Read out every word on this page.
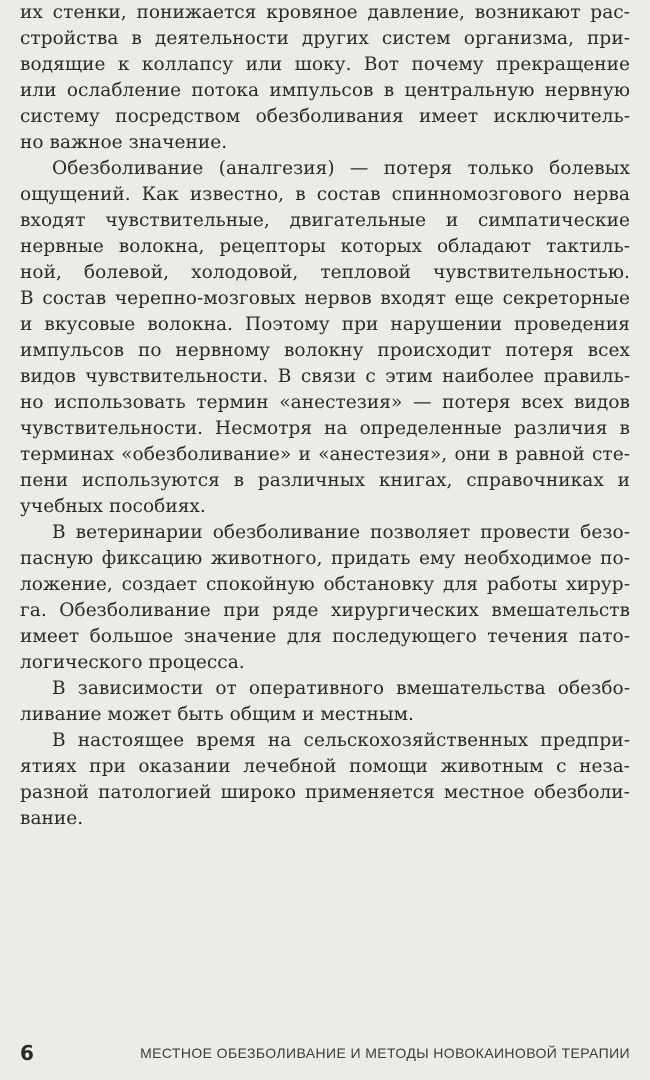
их стенки, понижается кровяное давление, возникают рас-
стройства в деятельности других систем организма, при-
водящие к коллапсу или шоку. Вот почему прекращение
или ослабление потока импульсов в центральную нервную
систему посредством обезболивания имеет исключитель-
но важное значение.
Обезболивание (аналгезия) — потеря только болевых
ощущений. Как известно, в состав спинномозгового нерва
входят чувствительные, двигательные и симпатические
нервные волокна, рецепторы которых обладают тактиль-
ной, болевой, холодовой, тепловой чувствительностью.
В состав черепно-мозговых нервов входят еще секреторные
и вкусовые волокна. Поэтому при нарушении проведения
импульсов по нервному волокну происходит потеря всех
видов чувствительности. В связи с этим наиболее правиль-
но использовать термин «анестезия» — потеря всех видов
чувствительности. Несмотря на определенные различия в
терминах «обезболивание» и «анестезия», они в равной сте-
пени используются в различных книгах, справочниках и
учебных пособиях.
В ветеринарии обезболивание позволяет провести безо-
пасную фиксацию животного, придать ему необходимое по-
ложение, создает спокойную обстановку для работы хирур-
га. Обезболивание при ряде хирургических вмешательств
имеет большое значение для последующего течения пато-
логического процесса.
В зависимости от оперативного вмешательства обезбо-
ливание может быть общим и местным.
В настоящее время на сельскохозяйственных предпри-
ятиях при оказании лечебной помощи животным с неза-
разной патологией широко применяется местное обезболи-
вание.
6	МЕСТНОЕ ОБЕЗБОЛИВАНИЕ И МЕТОДЫ НОВОКАИНОВОЙ ТЕРАПИИ
